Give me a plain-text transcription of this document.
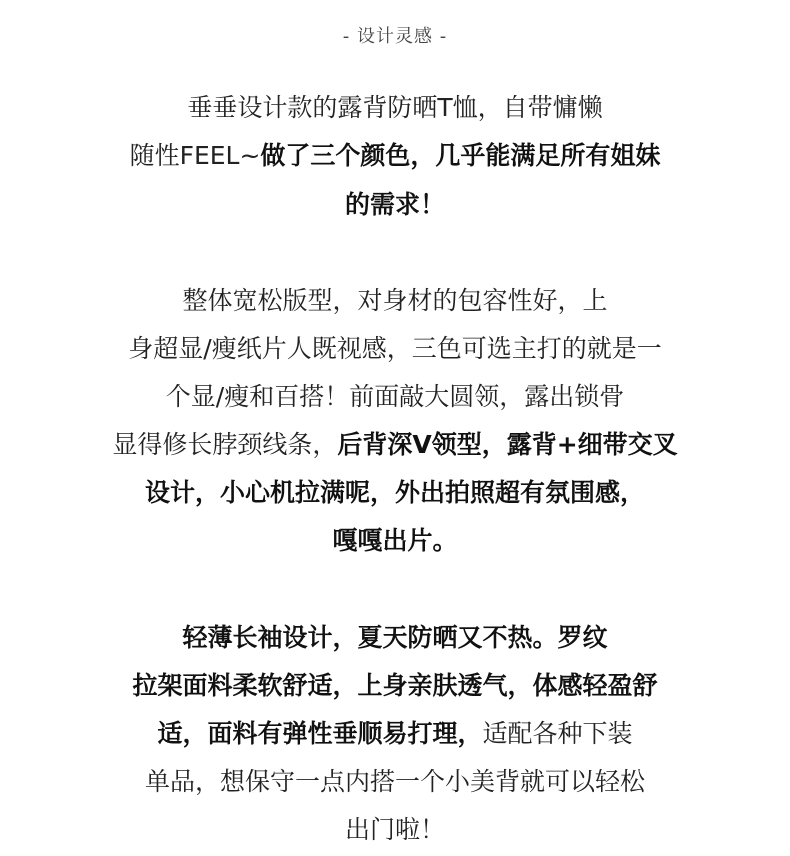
- 设计灵感 -
垂垂设计款的露背防晒T恤，自带慵懒
随性FEEL~做了三个颜色，几乎能满足所有姐妹
的需求！
整体宽松版型，对身材的包容性好，上
身超显/瘦纸片人既视感，三色可选主打的就是一
个显/瘦和百搭！前面敲大圆领，露出锁骨
显得修长脖颈线条，后背深V领型，露背+细带交叉
设计，小心机拉满呢，外出拍照超有氛围感，
嘎嘎出片。
轻薄长袖设计，夏天防晒又不热。罗纹
拉架面料柔软舒适，上身亲肤透气，体感轻盈舒
适，面料有弹性垂顺易打理，适配各种下装
单品，想保守一点内搭一个小美背就可以轻松
出门啦！
